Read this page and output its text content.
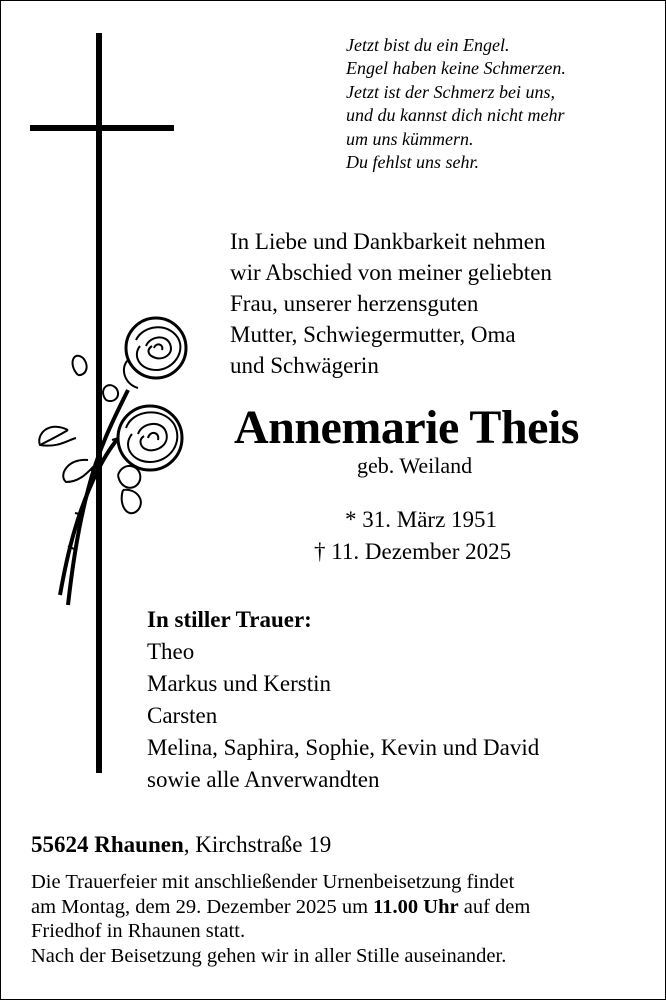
Jetzt bist du ein Engel.
Engel haben keine Schmerzen.
Jetzt ist der Schmerz bei uns,
und du kannst dich nicht mehr
um uns kümmern.
Du fehlst uns sehr.
In Liebe und Dankbarkeit nehmen
wir Abschied von meiner geliebten
Frau, unserer herzensguten
Mutter, Schwiegermutter, Oma
und Schwägerin
Annemarie Theis
geb. Weiland
* 31. März 1951
† 11. Dezember 2025
In stiller Trauer:
Theo
Markus und Kerstin
Carsten
Melina, Saphira, Sophie, Kevin und David
sowie alle Anverwandten
55624 Rhaunen, Kirchstraße 19
Die Trauerfeier mit anschließender Urnenbeisetzung findet
am Montag, dem 29. Dezember 2025 um 11.00 Uhr auf dem
Friedhof in Rhaunen statt.
Nach der Beisetzung gehen wir in aller Stille auseinander.
